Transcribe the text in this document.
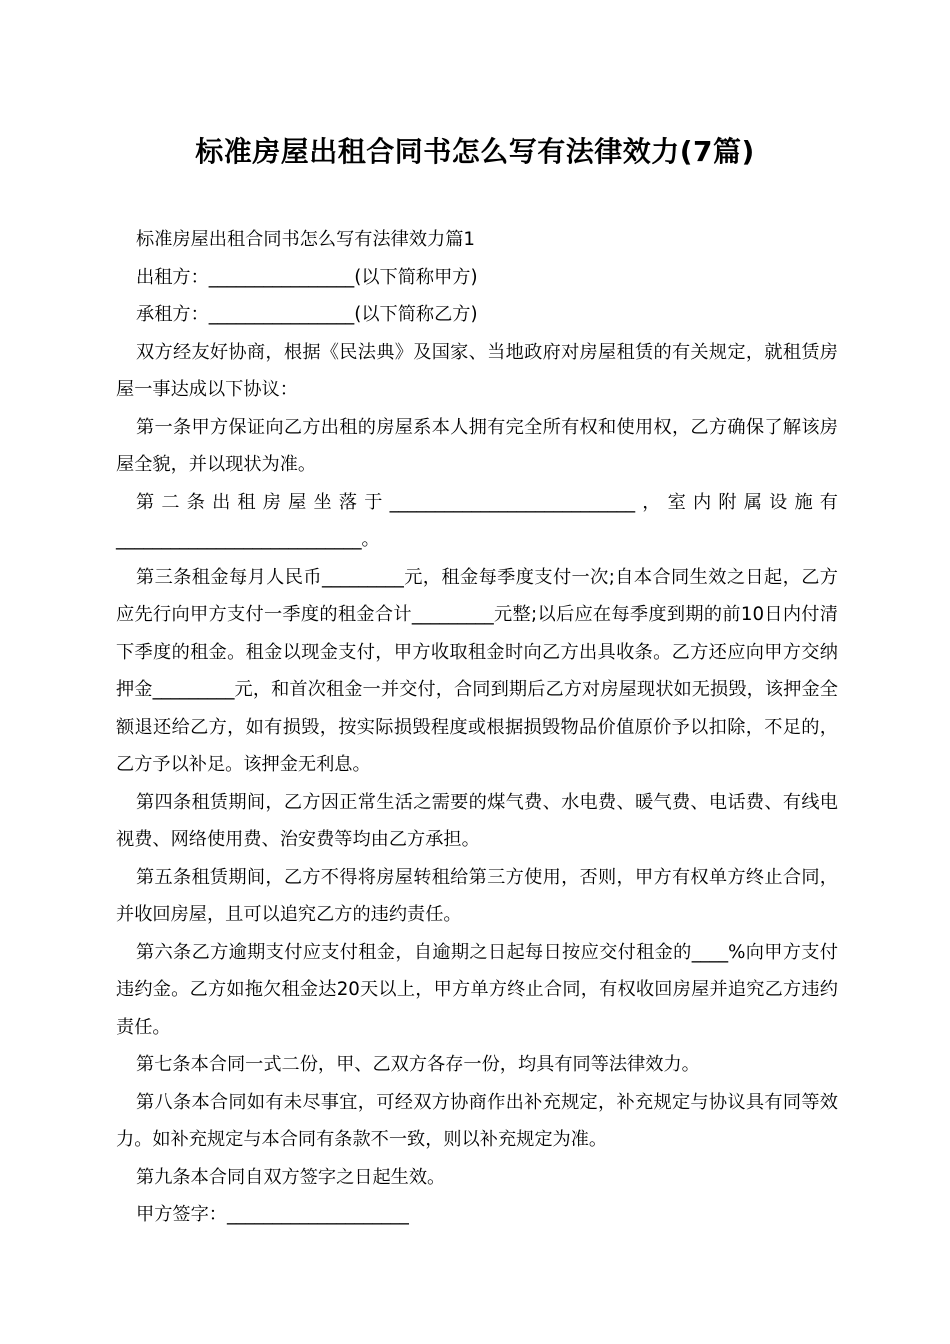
标准房屋出租合同书怎么写有法律效力(7篇)

标准房屋出租合同书怎么写有法律效力篇1

出租方：________________(以下简称甲方)

承租方：________________(以下简称乙方)

双方经友好协商，根据《民法典》及国家、当地政府对房屋租赁的有关规定，就租赁房屋一事达成以下协议：

第一条甲方保证向乙方出租的房屋系本人拥有完全所有权和使用权，乙方确保了解该房屋全貌，并以现状为准。

第二条出租房屋坐落于___________________________，室内附属设施有___________________________。

第三条租金每月人民币_________元，租金每季度支付一次;自本合同生效之日起，乙方应先行向甲方支付一季度的租金合计_________元整;以后应在每季度到期的前10日内付清下季度的租金。租金以现金支付，甲方收取租金时向乙方出具收条。乙方还应向甲方交纳押金_________元，和首次租金一并交付，合同到期后乙方对房屋现状如无损毁，该押金全额退还给乙方，如有损毁，按实际损毁程度或根据损毁物品价值原价予以扣除，不足的，乙方予以补足。该押金无利息。

第四条租赁期间，乙方因正常生活之需要的煤气费、水电费、暖气费、电话费、有线电视费、网络使用费、治安费等均由乙方承担。

第五条租赁期间，乙方不得将房屋转租给第三方使用，否则，甲方有权单方终止合同，并收回房屋，且可以追究乙方的违约责任。

第六条乙方逾期支付应支付租金，自逾期之日起每日按应交付租金的____%向甲方支付违约金。乙方如拖欠租金达20天以上，甲方单方终止合同，有权收回房屋并追究乙方违约责任。

第七条本合同一式二份，甲、乙双方各存一份，均具有同等法律效力。

第八条本合同如有未尽事宜，可经双方协商作出补充规定，补充规定与协议具有同等效力。如补充规定与本合同有条款不一致，则以补充规定为准。

第九条本合同自双方签字之日起生效。

甲方签字：____________________
